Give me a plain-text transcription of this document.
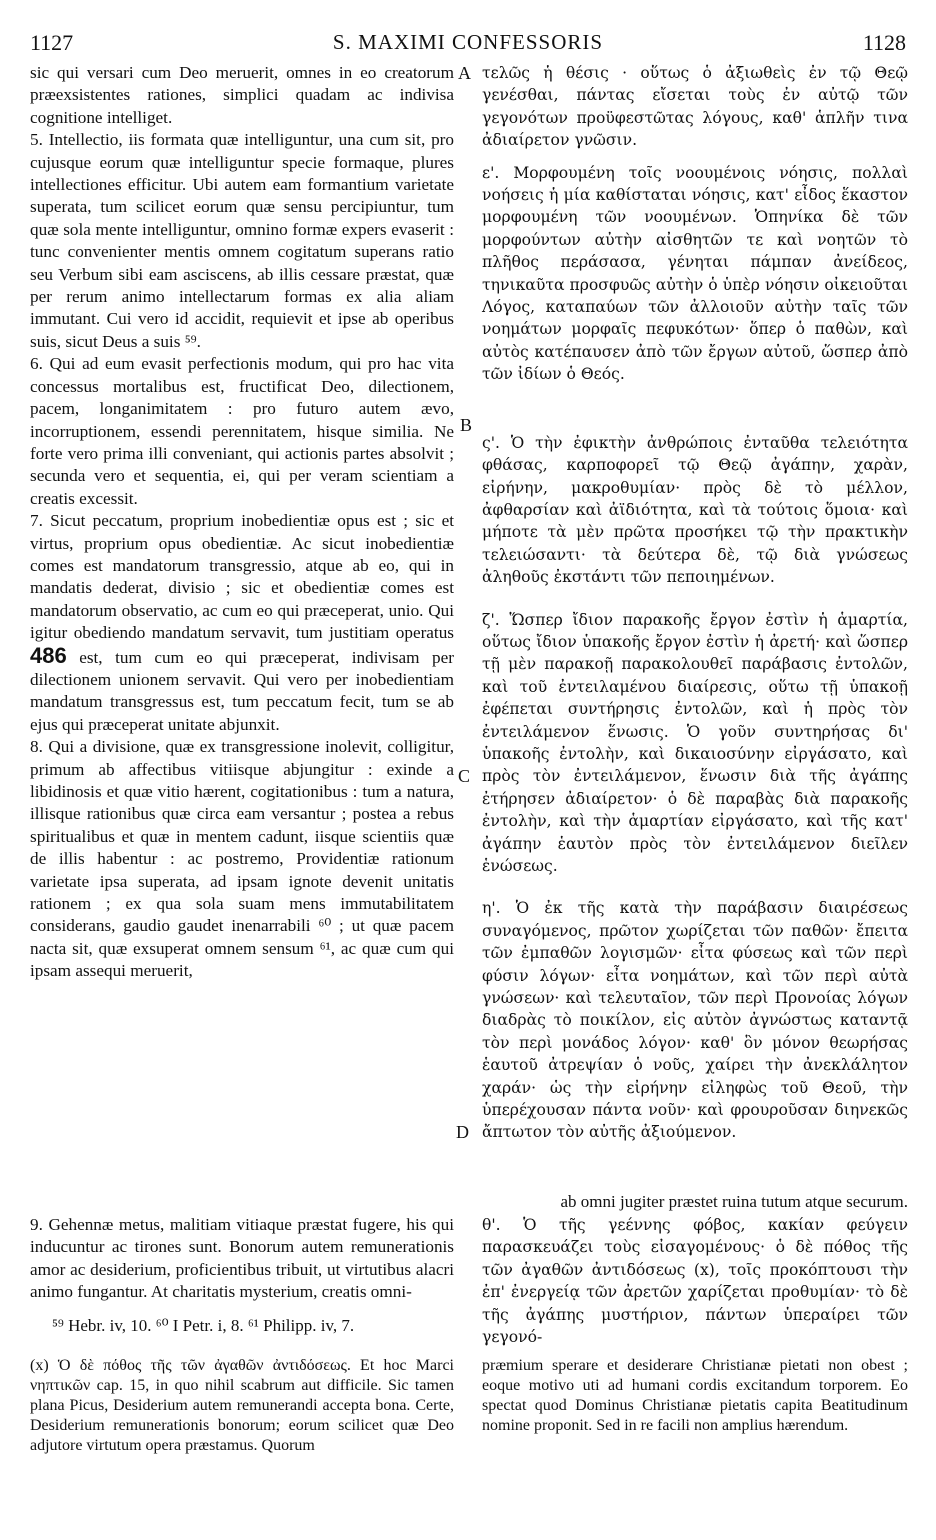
1127	S. MAXIMI CONFESSORIS	1128
A
B
C
D

sic qui versari cum Deo meruerit, omnes in eo creatorum præexsistentes rationes, simplici quadam ac indivisa cognitione intelliget.

5. Intellectio, iis formata quæ intelliguntur, una cum sit, pro cujusque eorum quæ intelliguntur specie formaque, plures intellectiones efficitur. Ubi autem eam formantium varietate superata, tum scilicet eorum quæ sensu percipiuntur, tum quæ sola mente intelliguntur, omnino formæ expers evaserit : tunc convenienter mentis omnem cogitatum superans ratio seu Verbum sibi eam asciscens, ab illis cessare præstat, quæ per rerum animo intellectarum formas ex alia aliam immutant. Cui vero id accidit, requievit et ipse ab operibus suis, sicut Deus a suis ⁵⁹.

6. Qui ad eum evasit perfectionis modum, qui pro hac vita concessus mortalibus est, fructificat Deo, dilectionem, pacem, longanimitatem : pro futuro autem ævo, incorruptionem, essendi perennitatem, hisque similia. Ne forte vero prima illi conveniant, qui actionis partes absolvit ; secunda vero et sequentia, ei, qui per veram scientiam a creatis excessit.

7. Sicut peccatum, proprium inobedientiæ opus est ; sic et virtus, proprium opus obedientiæ. Ac sicut inobedientiæ comes est mandatorum transgressio, atque ab eo, qui in mandatis dederat, divisio ; sic et obedientiæ comes est mandatorum observatio, ac cum eo qui præceperat, unio. Qui igitur obediendo mandatum servavit, tum justitiam operatus 486 est, tum cum eo qui præceperat, indivisam per dilectionem unionem servavit. Qui vero per inobedientiam mandatum transgressus est, tum peccatum fecit, tum se ab ejus qui præceperat unitate abjunxit.

8. Qui a divisione, quæ ex transgressione inolevit, colligitur, primum ab affectibus vitiisque abjungitur : exinde a libidinosis et quæ vitio hærent, cogitationibus : tum a natura, illisque rationibus quæ circa eam versantur ; postea a rebus spiritualibus et quæ in mentem cadunt, iisque scientiis quæ de illis habentur : ac postremo, Providentiæ rationum varietate ipsa superata, ad ipsam ignote devenit unitatis rationem ; ex qua sola suam mens immutabilitatem considerans, gaudio gaudet inenarrabili ⁶⁰ ; ut quæ pacem nacta sit, quæ exsuperat omnem sensum ⁶¹, ac quæ cum qui ipsam assequi meruerit,

τελῶς ἡ θέσις · οὕτως ὁ ἀξιωθεὶς ἐν τῷ Θεῷ γενέσθαι, πάντας εἴσεται τοὺς ἐν αὐτῷ τῶν γεγονότων προϋφεστῶτας λόγους, καθ' ἁπλῆν τινα ἀδιαίρετον γνῶσιν.

ε'. Μορφουμένη τοῖς νοουμένοις νόησις, πολλαὶ νοήσεις ἡ μία καθίσταται νόησις, κατ' εἶδος ἕκαστον μορφουμένη τῶν νοουμένων. Ὁπηνίκα δὲ τῶν μορφούντων αὐτὴν αἰσθητῶν τε καὶ νοητῶν τὸ πλῆθος περάσασα, γένηται πάμπαν ἀνείδεος, τηνικαῦτα προσφυῶς αὐτὴν ὁ ὑπὲρ νόησιν οἰκειοῦται Λόγος, καταπαύων τῶν ἀλλοιοῦν αὐτὴν ταῖς τῶν νοημάτων μορφαῖς πεφυκότων· ὅπερ ὁ παθὼν, καὶ αὐτὸς κατέπαυσεν ἀπὸ τῶν ἔργων αὐτοῦ, ὥσπερ ἀπὸ τῶν ἰδίων ὁ Θεός.

ς'. Ὁ τὴν ἐφικτὴν ἀνθρώποις ἐνταῦθα τελειότητα φθάσας, καρποφορεῖ τῷ Θεῷ ἀγάπην, χαρὰν, εἰρήνην, μακροθυμίαν· πρὸς δὲ τὸ μέλλον, ἀφθαρσίαν καὶ ἀϊδιότητα, καὶ τὰ τούτοις ὅμοια· καὶ μήποτε τὰ μὲν πρῶτα προσήκει τῷ τὴν πρακτικὴν τελειώσαντι· τὰ δεύτερα δὲ, τῷ διὰ γνώσεως ἀληθοῦς ἐκστάντι τῶν πεποιημένων.

ζ'. Ὥσπερ ἴδιον παρακοῆς ἔργον ἐστὶν ἡ ἁμαρτία, οὕτως ἴδιον ὑπακοῆς ἔργον ἐστὶν ἡ ἀρετή· καὶ ὥσπερ τῇ μὲν παρακοῇ παρακολουθεῖ παράβασις ἐντολῶν, καὶ τοῦ ἐντειλαμένου διαίρεσις, οὕτω τῇ ὑπακοῇ ἐφέπεται συντήρησις ἐντολῶν, καὶ ἡ πρὸς τὸν ἐντειλάμενον ἕνωσις. Ὁ γοῦν συντηρήσας δι' ὑπακοῆς ἐντολὴν, καὶ δικαιοσύνην εἰργάσατο, καὶ πρὸς τὸν ἐντειλάμενον, ἕνωσιν διὰ τῆς ἀγάπης ἐτήρησεν ἀδιαίρετον· ὁ δὲ παραβὰς διὰ παρακοῆς ἐντολὴν, καὶ τὴν ἁμαρτίαν εἰργάσατο, καὶ τῆς κατ' ἀγάπην ἑαυτὸν πρὸς τὸν ἐντειλάμενον διεῖλεν ἑνώσεως.

η'. Ὁ ἐκ τῆς κατὰ τὴν παράβασιν διαιρέσεως συναγόμενος, πρῶτον χωρίζεται τῶν παθῶν· ἔπειτα τῶν ἐμπαθῶν λογισμῶν· εἶτα φύσεως καὶ τῶν περὶ φύσιν λόγων· εἶτα νοημάτων, καὶ τῶν περὶ αὐτὰ γνώσεων· καὶ τελευταῖον, τῶν περὶ Προνοίας λόγων διαδρὰς τὸ ποικίλον, εἰς αὐτὸν ἀγνώστως καταντᾷ τὸν περὶ μονάδος λόγον· καθ' ὃν μόνον θεωρήσας ἑαυτοῦ ἀτρεψίαν ὁ νοῦς, χαίρει τὴν ἀνεκλάλητον χαράν· ὡς τὴν εἰρήνην εἰληφὼς τοῦ Θεοῦ, τὴν ὑπερέχουσαν πάντα νοῦν· καὶ φρουροῦσαν διηνεκῶς ἄπτωτον τὸν αὐτῆς ἀξιούμενον.

ab omni jugiter præstet ruina tutum atque securum.

9. Gehennæ metus, malitiam vitiaque præstat fugere, his qui inducuntur ac tirones sunt. Bonorum autem remunerationis amor ac desiderium, proficientibus tribuit, ut virtutibus alacri animo fungantur. At charitatis mysterium, creatis omni-

θ'. Ὁ τῆς γεέννης φόβος, κακίαν φεύγειν παρασκευάζει τοὺς εἰσαγομένους· ὁ δὲ πόθος τῆς τῶν ἀγαθῶν ἀντιδόσεως (x), τοῖς προκόπτουσι τὴν ἐπ' ἐνεργείᾳ τῶν ἀρετῶν χαρίζεται προθυμίαν· τὸ δὲ τῆς ἀγάπης μυστήριον, πάντων ὑπεραίρει τῶν γεγονό-

⁵⁹ Hebr. iv, 10. ⁶⁰ I Petr. i, 8. ⁶¹ Philipp. iv, 7.
(x) Ὁ δὲ πόθος τῆς τῶν ἀγαθῶν ἀντιδόσεως. Et hoc Marci νηπτικῶν cap. 15, in quo nihil scabrum aut difficile. Sic tamen plana Picus, Desiderium autem remunerandi accepta bona. Certe, Desiderium remunerationis bonorum; eorum scilicet quæ Deo adjutore virtutum opera præstamus. Quorum
præmium sperare et desiderare Christianæ pietati non obest ; eoque motivo uti ad humani cordis excitandum torporem. Eo spectat quod Dominus Christianæ pietatis capita Beatitudinum nomine proponit. Sed in re facili non amplius hærendum.
